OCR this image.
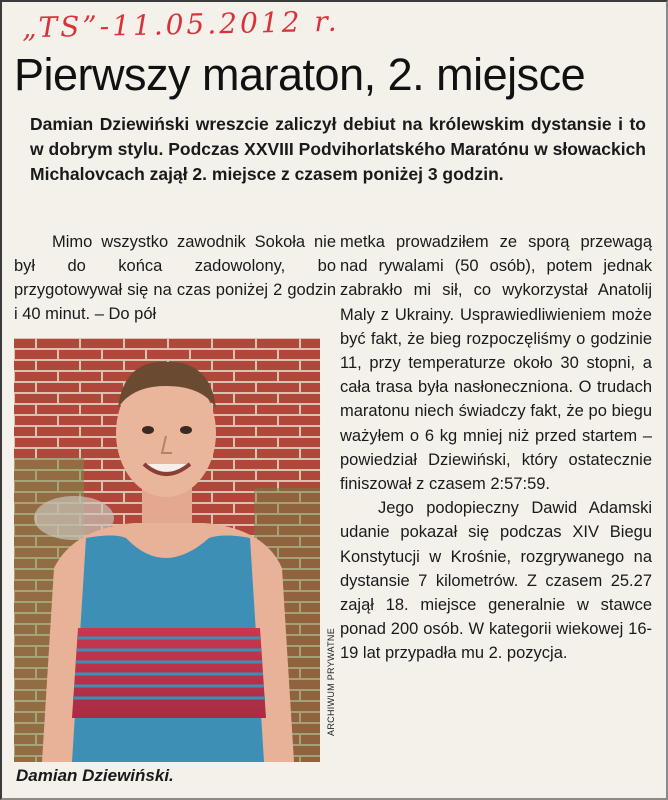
„TS”-11.05.2012 r.
Pierwszy maraton, 2. miejsce
Damian Dziewiński wreszcie zaliczył debiut na królewskim dystansie i to w dobrym stylu. Podczas XXVIII Podvihorlatského Maratónu w słowackich Michalovcach zajął 2. miejsce z czasem poniżej 3 godzin.

Mimo wszystko zawodnik Sokoła nie był do końca zadowolony, bo przygotowywał się na czas poniżej 2 godzin i 40 minut. – Do pół

metka prowadziłem ze sporą przewagą nad rywalami (50 osób), potem jednak zabrakło mi sił, co wykorzystał Anatolij Maly z Ukrainy. Usprawiedliwieniem może być fakt, że bieg rozpoczęliśmy o godzinie 11, przy temperaturze około 30 stopni, a cała trasa była nasłoneczniona. O trudach maratonu niech świadczy fakt, że po biegu ważyłem o 6 kg mniej niż przed startem – powiedział Dziewiński, który ostatecznie finiszował z czasem 2:57:59.

Jego podopieczny Dawid Adamski udanie pokazał się podczas XIV Biegu Konstytucji w Krośnie, rozgrywanego na dystansie 7 kilometrów. Z czasem 25.27 zajął 18. miejsce generalnie w stawce ponad 200 osób. W kategorii wiekowej 16-19 lat przypadła mu 2. pozycja.

ARCHIWUM PRYWATNE
Damian Dziewiński.
